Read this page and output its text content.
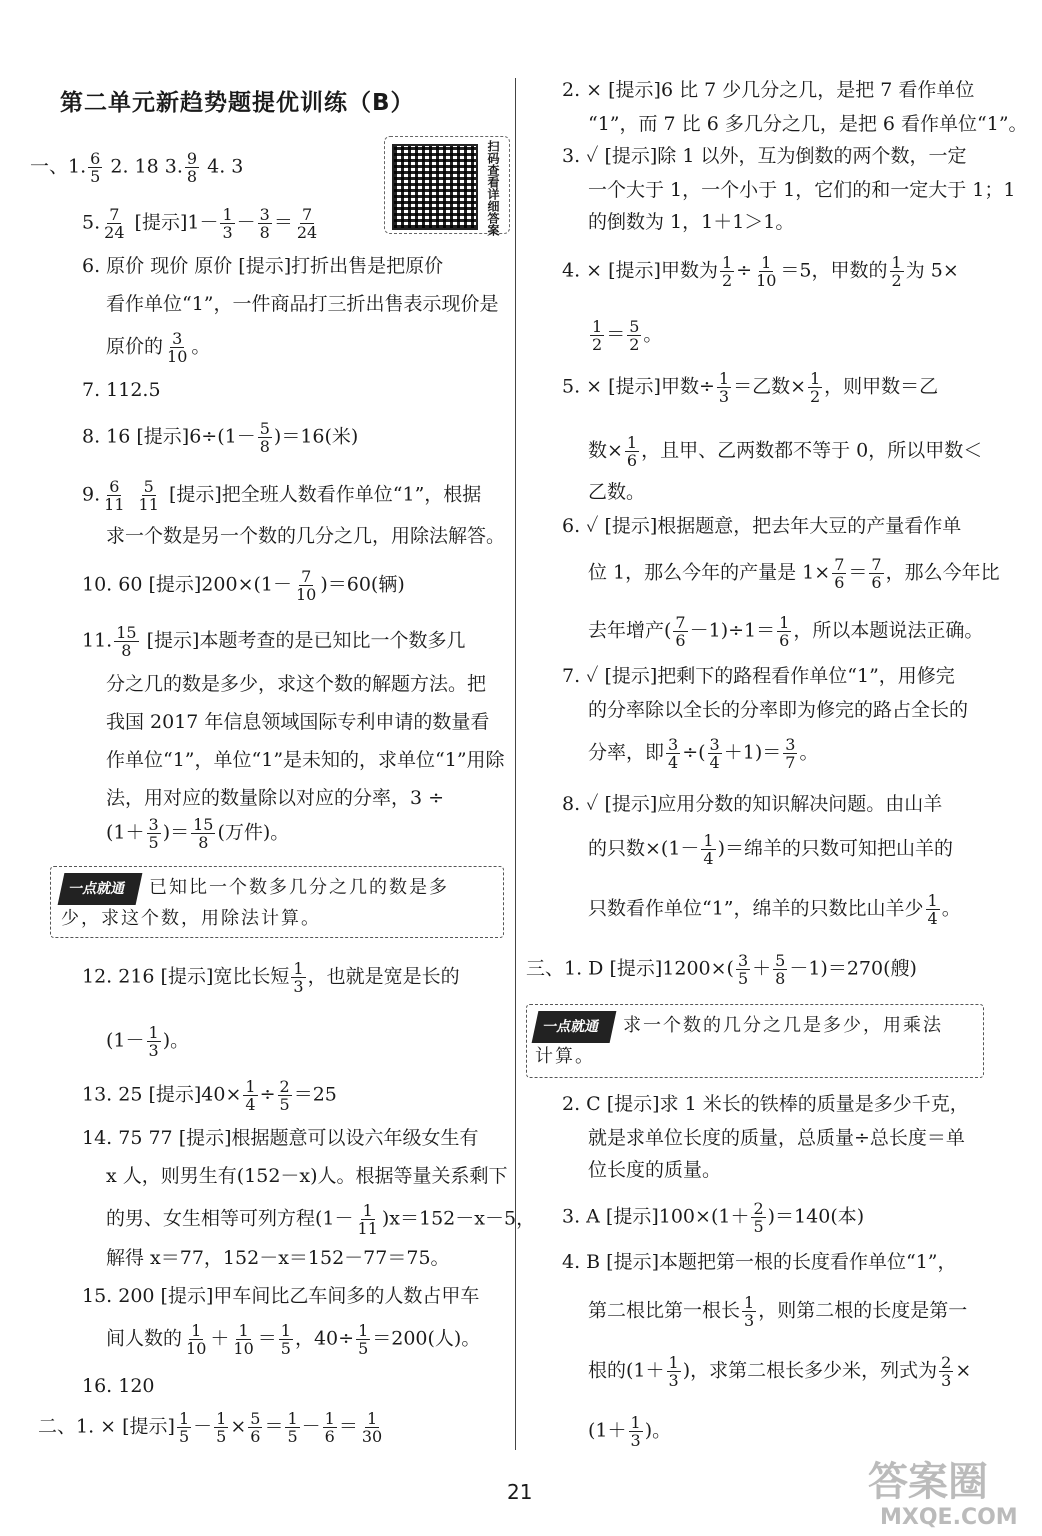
第二单元新趋势题提优训练（B）
扫码查看详细答案
一、1. $\frac{6}{5} 2$. 18 3. $\frac{9}{8} 4$. 3
5. $\frac{7}{24}$ [提示]$1- \frac{1}{3} - \frac{3}{8} = \frac{7}{24}$
6. 原价 现价 原价 [提示]打折出售是把原价
看作单位“1”，一件商品打三折出售表示现价是
原价的 $\frac{3}{10}$ 。
7. 112.5
8. 16 [提示]$6\div(1- \frac{5}{8} )=16$(米)
9. $\frac{6}{11}$
$\frac{5}{11}$ [提示]把全班人数看作单位“1”，根据
求一个数是另一个数的几分之几，用除法解答。
10. 60 [提示]$200\times(1- \frac{7}{10} )=60$(辆)
11. $\frac{15}{8}$ [提示]本题考查的是已知比一个数多几
分之几的数是多少，求这个数的解题方法。把
我国 2017 年信息领域国际专利申请的数量看
作单位“1”，单位“1”是未知的，求单位“1”用除
法，用对应的数量除以对应的分率，3 ÷
($1+ \frac{3}{5}$ )＝ $\frac{15}{8}$ (万件)。
一点就通 已知比一个数多几分之几的数是多
少，求这个数，用除法计算。
12. 216 [提示]宽比长短 $\frac{1}{3}$ ，也就是宽是长的
($1- \frac{1}{3}$ )。
13. 25 [提示]$40\times \frac{1}{4} \div \frac{2}{5} =25$
14. 75 77 [提示]根据题意可以设六年级女生有
x 人，则男生有(152－x)人。根据等量关系剩下
的男、女生相等可列方程$(1- \frac{1}{11} )x=152-x-5$，
解得 x＝77，152－x＝152－77＝75。
15. 200 [提示]甲车间比乙车间多的人数占甲车
间人数的 $\frac{1}{10} + \frac{1}{10} = \frac{1}{5}$ ，$40\div \frac{1}{5} =200$(人)。
16. 120
二、1. × [提示] $\frac{1}{5} - \frac{1}{5} \times \frac{5}{6} = \frac{1}{5} - \frac{1}{6} = \frac{1}{30}$
2. × [提示]6 比 7 少几分之几，是把 7 看作单位
“1”，而 7 比 6 多几分之几，是把 6 看作单位“1”。
3. ✓ [提示]除 1 以外，互为倒数的两个数，一定
一个大于 1，一个小于 1，它们的和一定大于 1；1
的倒数为 1，1＋1＞1。
4. × [提示]甲数为 $\frac{1}{2} \div \frac{1}{10} =5$，甲数的 $\frac{1}{2}$ 为 5×
$\frac{1}{2} = \frac{5}{2}$ 。
5. × [提示]甲数÷ $\frac{1}{3}$ ＝乙数× $\frac{1}{2}$ ，则甲数＝乙
数× $\frac{1}{6}$ ，且甲、乙两数都不等于 0，所以甲数＜
乙数。
6. ✓ [提示]根据题意，把去年大豆的产量看作单
位 1，那么今年的产量是 $1\times \frac{7}{6} = \frac{7}{6}$ ，那么今年比
去年增产( $\frac{7}{6} -1)\div 1= \frac{1}{6}$ ，所以本题说法正确。
7. ✓ [提示]把剩下的路程看作单位“1”，用修完
的分率除以全长的分率即为修完的路占全长的
分率，即 $\frac{3}{4}$ ÷( $\frac{3}{4} +1)= \frac{3}{7}$ 。
8. ✓ [提示]应用分数的知识解决问题。由山羊
的只数$\times(1- \frac{1}{4}$ )＝绵羊的只数可知把山羊的
只数看作单位“1”，绵羊的只数比山羊少 $\frac{1}{4}$ 。
三、1. D [提示]$1200\times( \frac{3}{5} + \frac{5}{8} -1)=270$(艘)
一点就通 求一个数的几分之几是多少，用乘法
计算。
2. C [提示]求 1 米长的铁棒的质量是多少千克，
就是求单位长度的质量，总质量÷总长度＝单
位长度的质量。
3. A [提示]$100\times(1+ \frac{2}{5} )=140$(本)
4. B [提示]本题把第一根的长度看作单位“1”，
第二根比第一根长 $\frac{1}{3}$ ，则第二根的长度是第一
根的($1+ \frac{1}{3}$ )，求第二根长多少米，列式为 $\frac{2}{3}$ ×
($1+ \frac{1}{3}$ )。
21	答案圈
MXQE.COM
